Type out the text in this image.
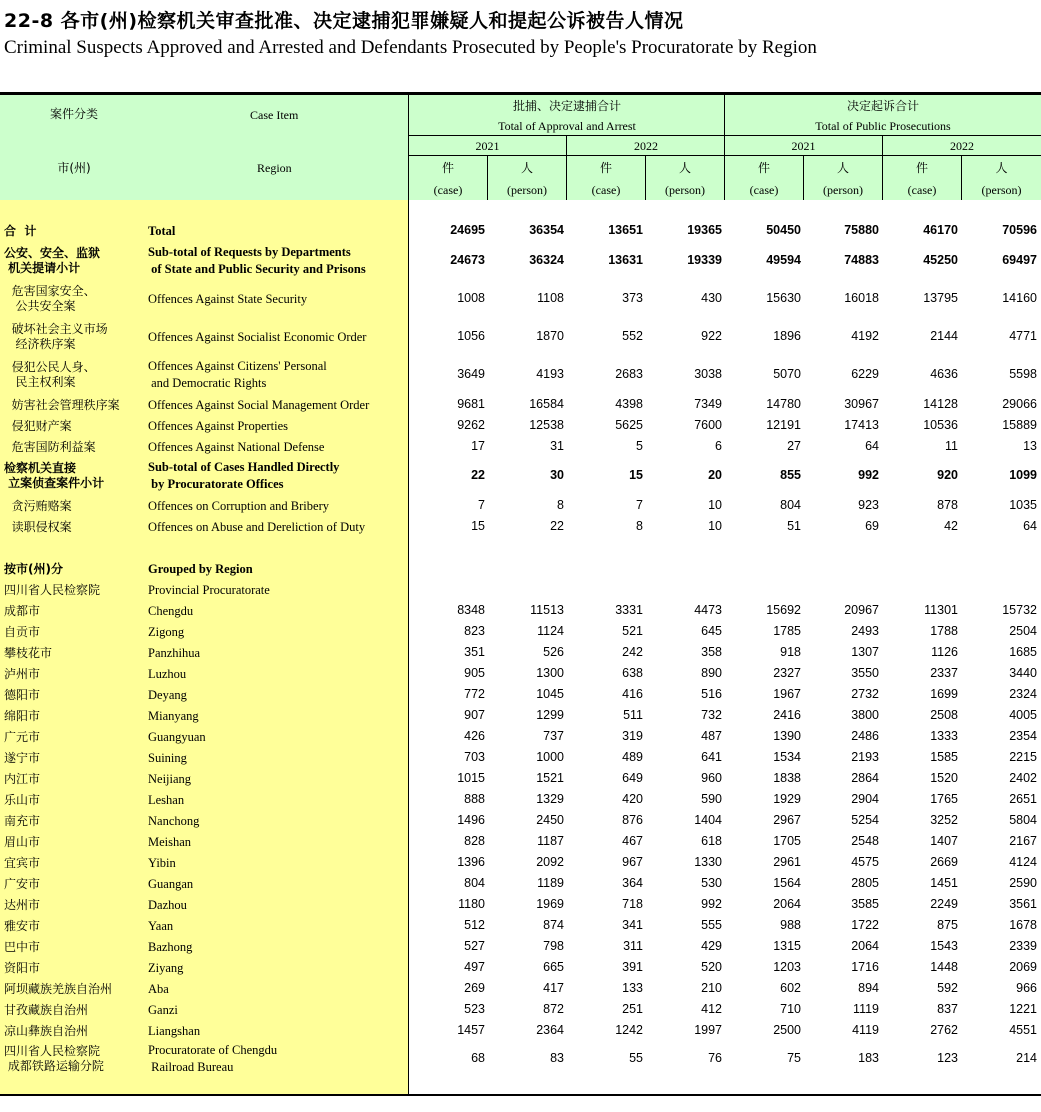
22-8 各市(州)检察机关审查批准、决定逮捕犯罪嫌疑人和提起公诉被告人情况
Criminal Suspects Approved and Arrested and Defendants Prosecuted by People's Procuratorate by Region
案件分类	Case Item
市(州)	Region
批捕、决定逮捕合计
Total of Approval and Arrest
决定起诉合计
Total of Public Prosecutions
2021	2022	2021	2022
件
(case)
人
(person)
件
(case)
人
(person)
件
(case)
人
(person)
件
(case)
人
(person)
合  计	Total	24695	36354	13651	19365	50450	75880	46170	70596
公安、安全、监狱
机关提请小计
Sub-total of Requests by Departments
of State and Public Security and Prisons
24673	36324	13631	19339	49594	74883	45250	69497
危害国家安全、
公共安全案
Offences Against State Security	1008	1108	373	430	15630	16018	13795	14160
破坏社会主义市场
经济秩序案
Offences Against Socialist Economic Order	1056	1870	552	922	1896	4192	2144	4771
侵犯公民人身、
民主权利案
Offences Against Citizens' Personal
and Democratic Rights
3649	4193	2683	3038	5070	6229	4636	5598
妨害社会管理秩序案 Offences Against Social Management Order	9681	16584	4398	7349	14780	30967	14128	29066
侵犯财产案	Offences Against Properties	9262	12538	5625	7600	12191	17413	10536	15889
危害国防利益案	Offences Against National Defense	17	31	5	6	27	64	11	13
检察机关直接
立案侦查案件小计
Sub-total of Cases Handled Directly
by Procuratorate Offices
22	30	15	20	855	992	920	1099
贪污贿赂案	Offences on Corruption and Bribery	7	8	7	10	804	923	878	1035
读职侵权案	Offences on Abuse and Dereliction of Duty	15	22	8	10	51	69	42	64
按市(州)分	Grouped by Region
四川省人民检察院	Provincial Procuratorate
成都市	Chengdu	8348	11513	3331	4473	15692	20967	11301	15732
自贡市	Zigong	823	1124	521	645	1785	2493	1788	2504
攀枝花市	Panzhihua	351	526	242	358	918	1307	1126	1685
泸州市	Luzhou	905	1300	638	890	2327	3550	2337	3440
德阳市	Deyang	772	1045	416	516	1967	2732	1699	2324
绵阳市	Mianyang	907	1299	511	732	2416	3800	2508	4005
广元市	Guangyuan	426	737	319	487	1390	2486	1333	2354
遂宁市	Suining	703	1000	489	641	1534	2193	1585	2215
内江市	Neijiang	1015	1521	649	960	1838	2864	1520	2402
乐山市	Leshan	888	1329	420	590	1929	2904	1765	2651
南充市	Nanchong	1496	2450	876	1404	2967	5254	3252	5804
眉山市	Meishan	828	1187	467	618	1705	2548	1407	2167
宜宾市	Yibin	1396	2092	967	1330	2961	4575	2669	4124
广安市	Guangan	804	1189	364	530	1564	2805	1451	2590
达州市	Dazhou	1180	1969	718	992	2064	3585	2249	3561
雅安市	Yaan	512	874	341	555	988	1722	875	1678
巴中市	Bazhong	527	798	311	429	1315	2064	1543	2339
资阳市	Ziyang	497	665	391	520	1203	1716	1448	2069
阿坝藏族羌族自治州	Aba	269	417	133	210	602	894	592	966
甘孜藏族自治州	Ganzi	523	872	251	412	710	1119	837	1221
凉山彝族自治州	Liangshan	1457	2364	1242	1997	2500	4119	2762	4551
四川省人民检察院
成都铁路运输分院
Procuratorate of Chengdu
Railroad Bureau
68	83	55	76	75	183	123	214
